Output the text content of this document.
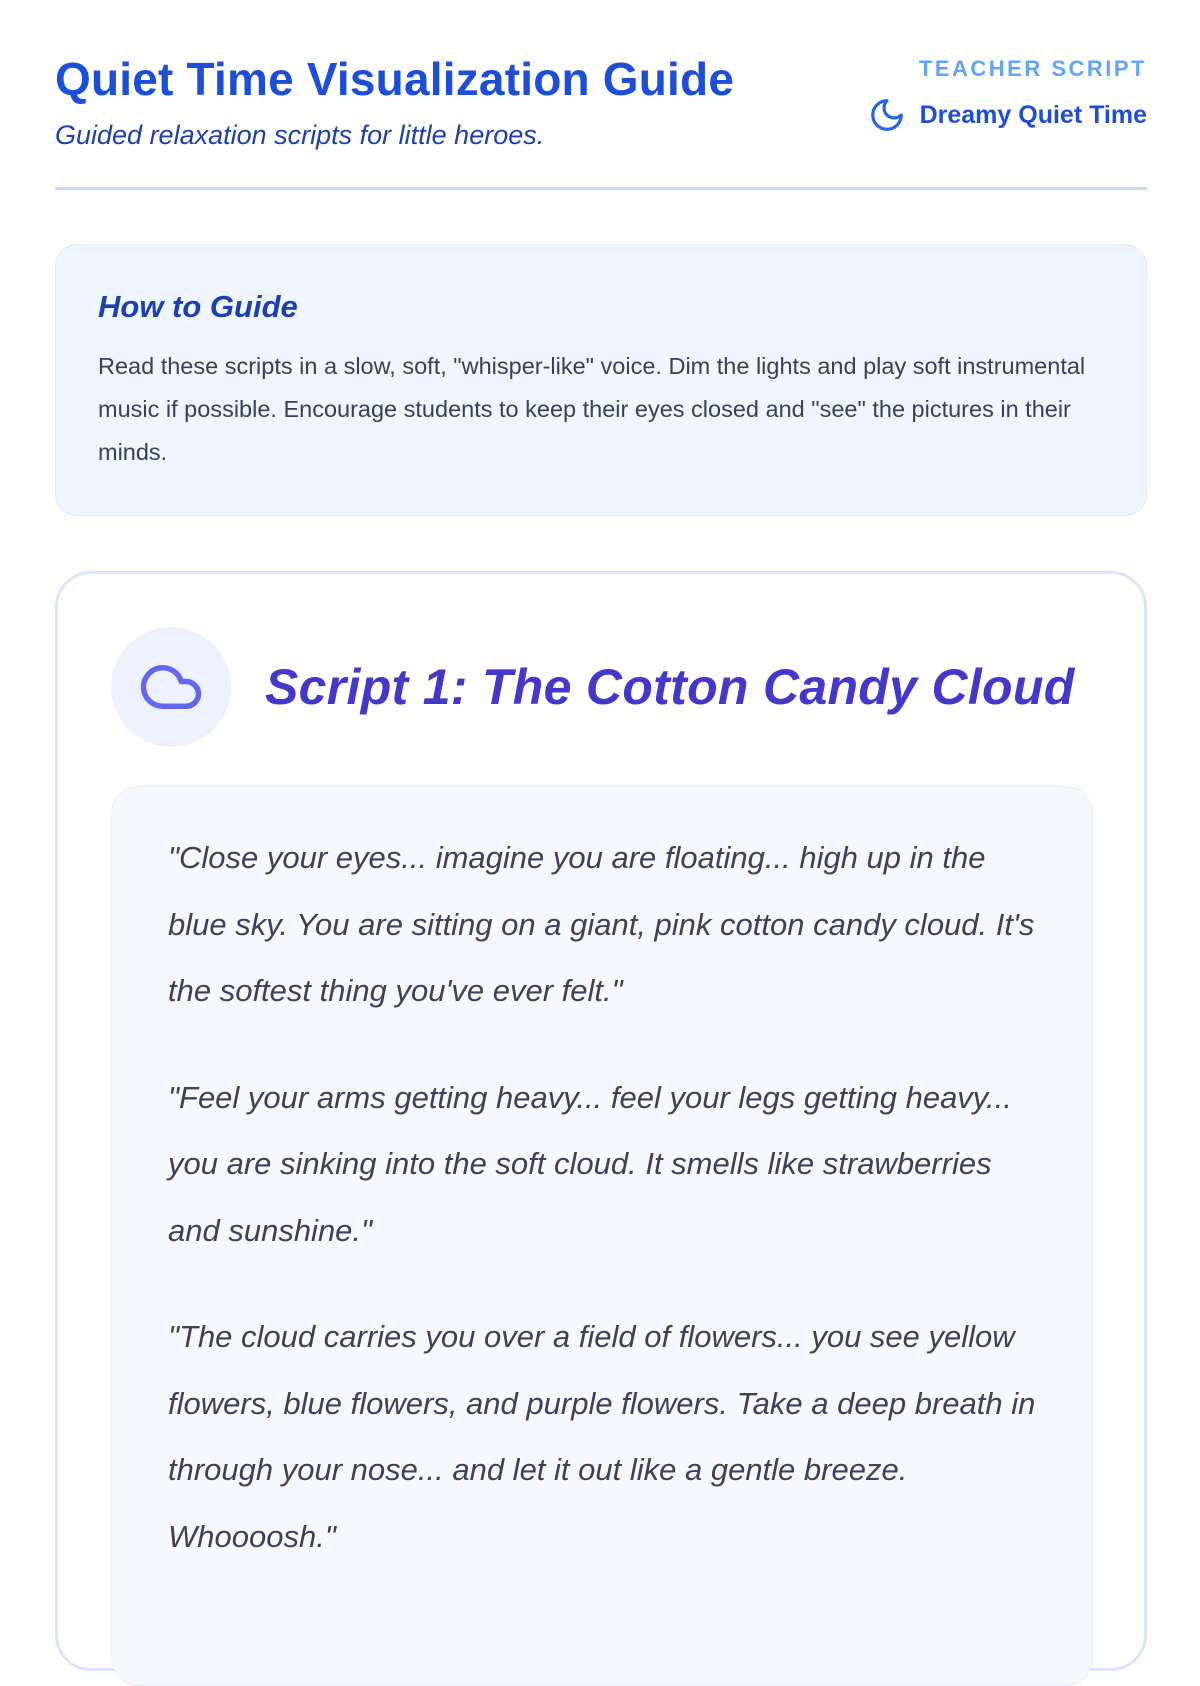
Quiet Time Visualization Guide

Guided relaxation scripts for little heroes.

TEACHER SCRIPT
Dreamy Quiet Time
How to Guide

Read these scripts in a slow, soft, "whisper-like" voice. Dim the lights and play soft instrumental music if possible. Encourage students to keep their eyes closed and "see" the pictures in their minds.

Script 1: The Cotton Candy Cloud

"Close your eyes... imagine you are floating... high up in the blue sky. You are sitting on a giant, pink cotton candy cloud. It's the softest thing you've ever felt."

"Feel your arms getting heavy... feel your legs getting heavy... you are sinking into the soft cloud. It smells like strawberries and sunshine."

"The cloud carries you over a field of flowers... you see yellow flowers, blue flowers, and purple flowers. Take a deep breath in through your nose... and let it out like a gentle breeze. Whoooosh."
